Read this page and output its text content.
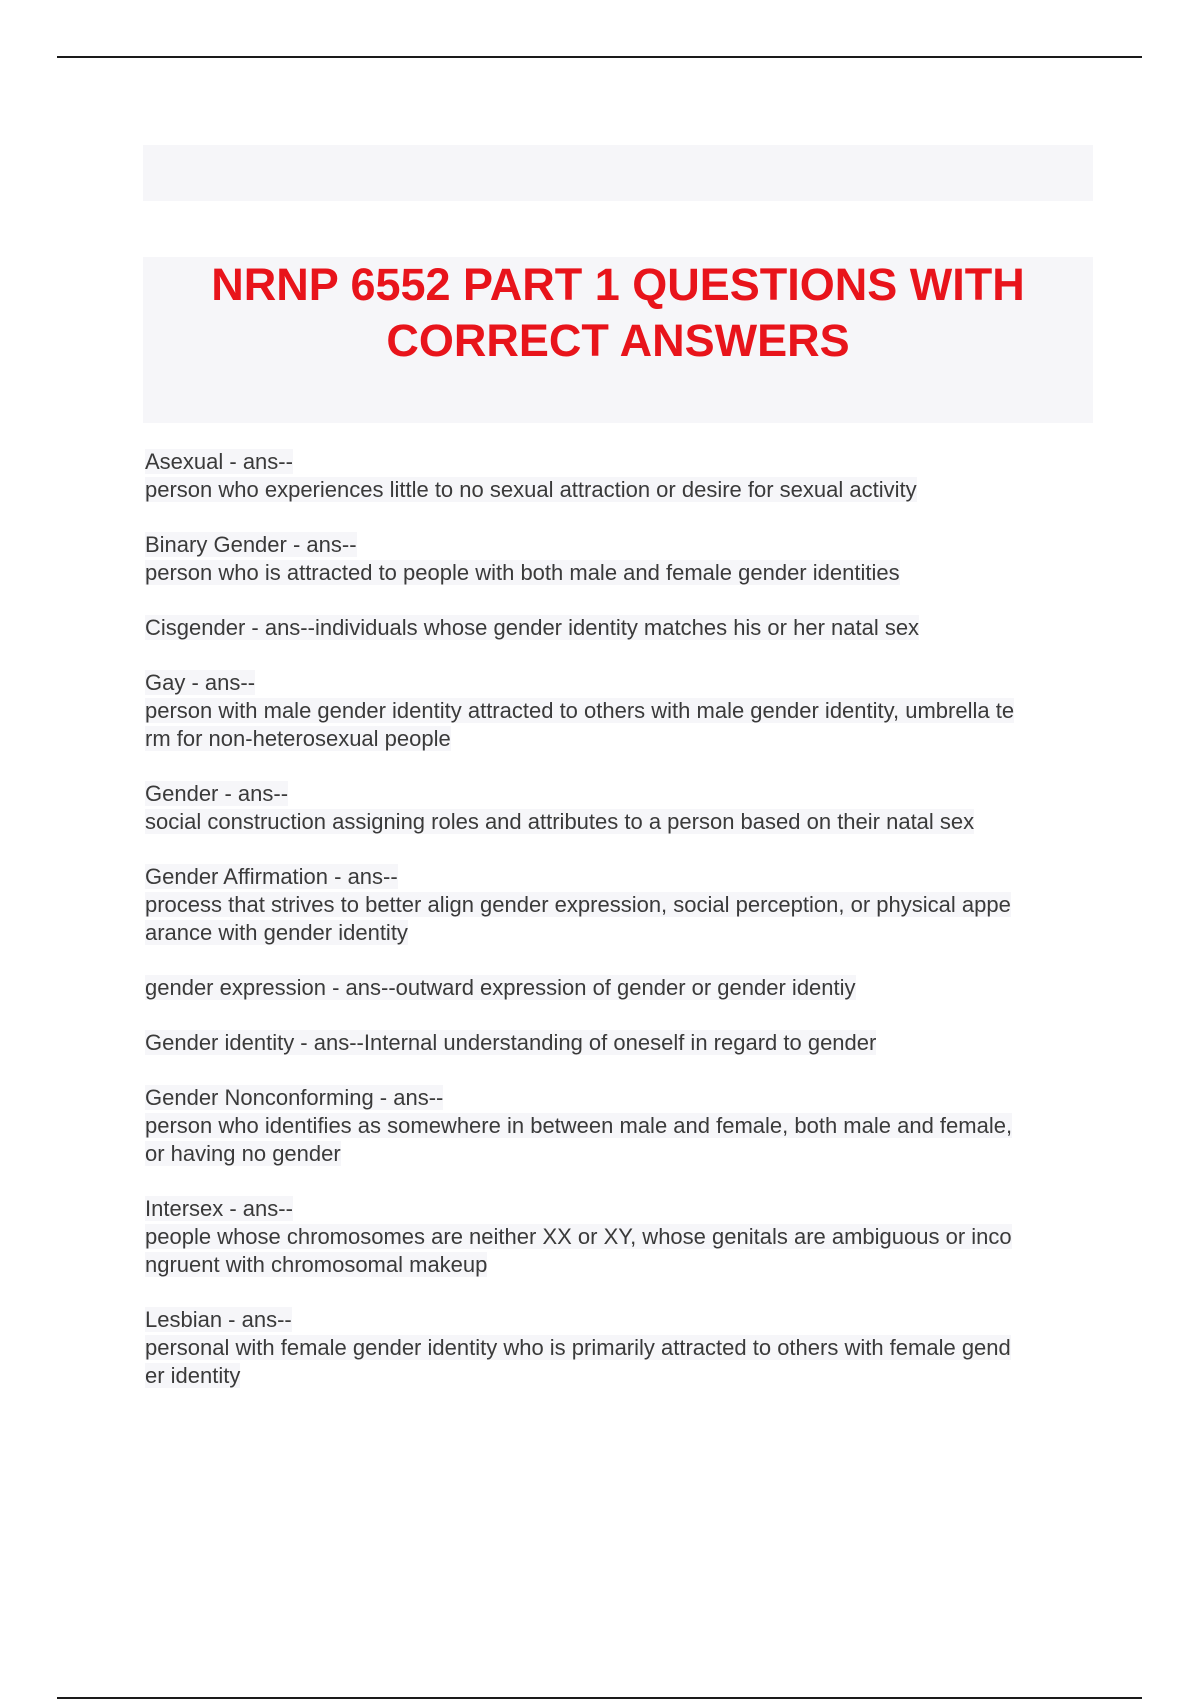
NRNP 6552 PART 1 QUESTIONS WITH
CORRECT ANSWERS
Asexual - ans--
person who experiences little to no sexual attraction or desire for sexual activity
Binary Gender - ans--
person who is attracted to people with both male and female gender identities
Cisgender - ans--individuals whose gender identity matches his or her natal sex
Gay - ans--
person with male gender identity attracted to others with male gender identity, umbrella te
rm for non-heterosexual people
Gender - ans--
social construction assigning roles and attributes to a person based on their natal sex
Gender Affirmation - ans--
process that strives to better align gender expression, social perception, or physical appe
arance with gender identity
gender expression - ans--outward expression of gender or gender identiy
Gender identity - ans--Internal understanding of oneself in regard to gender
Gender Nonconforming - ans--
person who identifies as somewhere in between male and female, both male and female,
or having no gender
Intersex - ans--
people whose chromosomes are neither XX or XY, whose genitals are ambiguous or inco
ngruent with chromosomal makeup
Lesbian - ans--
personal with female gender identity who is primarily attracted to others with female gend
er identity
